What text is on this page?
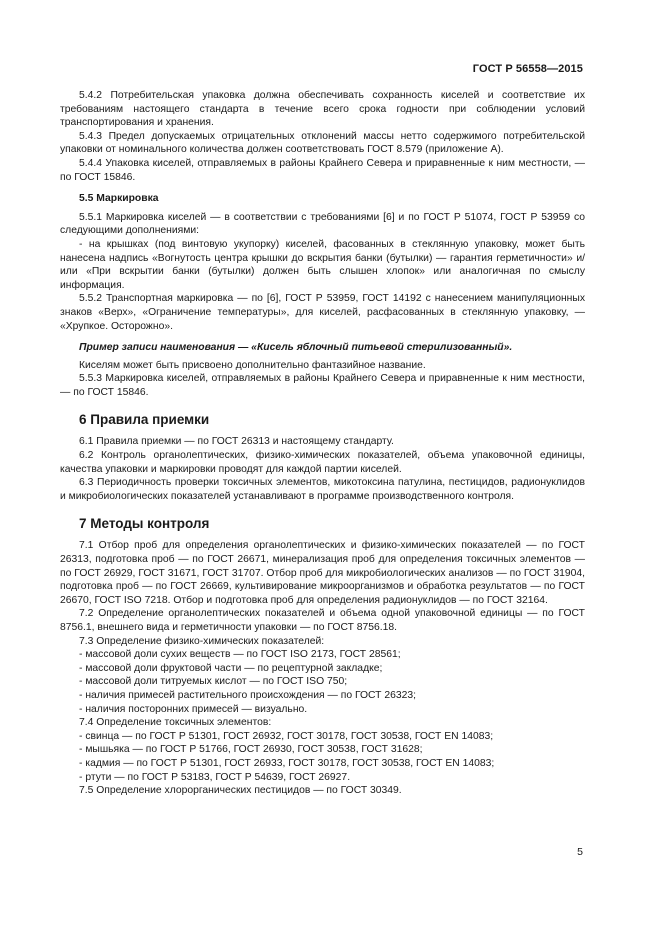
ГОСТ Р 56558—2015

5.4.2 Потребительская упаковка должна обеспечивать сохранность киселей и соответствие их требованиям настоящего стандарта в течение всего срока годности при соблюдении условий транспортирования и хранения.

5.4.3 Предел допускаемых отрицательных отклонений массы нетто содержимого потребительской упаковки от номинального количества должен соответствовать ГОСТ 8.579 (приложение А).

5.4.4 Упаковка киселей, отправляемых в районы Крайнего Севера и приравненные к ним местности, — по ГОСТ 15846.

5.5 Маркировка

5.5.1 Маркировка киселей — в соответствии с требованиями [6] и по ГОСТ Р 51074, ГОСТ Р 53959 со следующими дополнениями:

- на крышках (под винтовую укупорку) киселей, фасованных в стеклянную упаковку, может быть нанесена надпись «Вогнутость центра крышки до вскрытия банки (бутылки) — гарантия герметичности» и/или «При вскрытии банки (бутылки) должен быть слышен хлопок» или аналогичная по смыслу информация.

5.5.2 Транспортная маркировка — по [6], ГОСТ Р 53959, ГОСТ 14192 с нанесением манипуляционных знаков «Верх», «Ограничение температуры», для киселей, расфасованных в стеклянную упаковку, — «Хрупкое. Осторожно».

Пример записи наименования — «Кисель яблочный питьевой стерилизованный».

Киселям может быть присвоено дополнительно фантазийное название.

5.5.3 Маркировка киселей, отправляемых в районы Крайнего Севера и приравненные к ним местности, — по ГОСТ 15846.

6 Правила приемки

6.1 Правила приемки — по ГОСТ 26313 и настоящему стандарту.

6.2 Контроль органолептических, физико-химических показателей, объема упаковочной единицы, качества упаковки и маркировки проводят для каждой партии киселей.

6.3 Периодичность проверки токсичных элементов, микотоксина патулина, пестицидов, радионуклидов и микробиологических показателей устанавливают в программе производственного контроля.

7 Методы контроля

7.1 Отбор проб для определения органолептических и физико-химических показателей — по ГОСТ 26313, подготовка проб — по ГОСТ 26671, минерализация проб для определения токсичных элементов — по ГОСТ 26929, ГОСТ 31671, ГОСТ 31707. Отбор проб для микробиологических анализов — по ГОСТ 31904, подготовка проб — по ГОСТ 26669, культивирование микроорганизмов и обработка результатов — по ГОСТ 26670, ГОСТ ISO 7218. Отбор и подготовка проб для определения радионуклидов — по ГОСТ 32164.

7.2 Определение органолептических показателей и объема одной упаковочной единицы — по ГОСТ 8756.1, внешнего вида и герметичности упаковки — по ГОСТ 8756.18.

7.3 Определение физико-химических показателей:

- массовой доли сухих веществ — по ГОСТ ISO 2173, ГОСТ 28561;

- массовой доли фруктовой части — по рецептурной закладке;

- массовой доли титруемых кислот — по ГОСТ ISO 750;

- наличия примесей растительного происхождения — по ГОСТ 26323;

- наличия посторонних примесей — визуально.

7.4 Определение токсичных элементов:

- свинца — по ГОСТ Р 51301, ГОСТ 26932, ГОСТ 30178, ГОСТ 30538, ГОСТ EN 14083;

- мышьяка — по ГОСТ Р 51766, ГОСТ 26930, ГОСТ 30538, ГОСТ 31628;

- кадмия — по ГОСТ Р 51301, ГОСТ 26933, ГОСТ 30178, ГОСТ 30538, ГОСТ EN 14083;

- ртути — по ГОСТ Р 53183, ГОСТ Р 54639, ГОСТ 26927.

7.5 Определение хлорорганических пестицидов — по ГОСТ 30349.

5
